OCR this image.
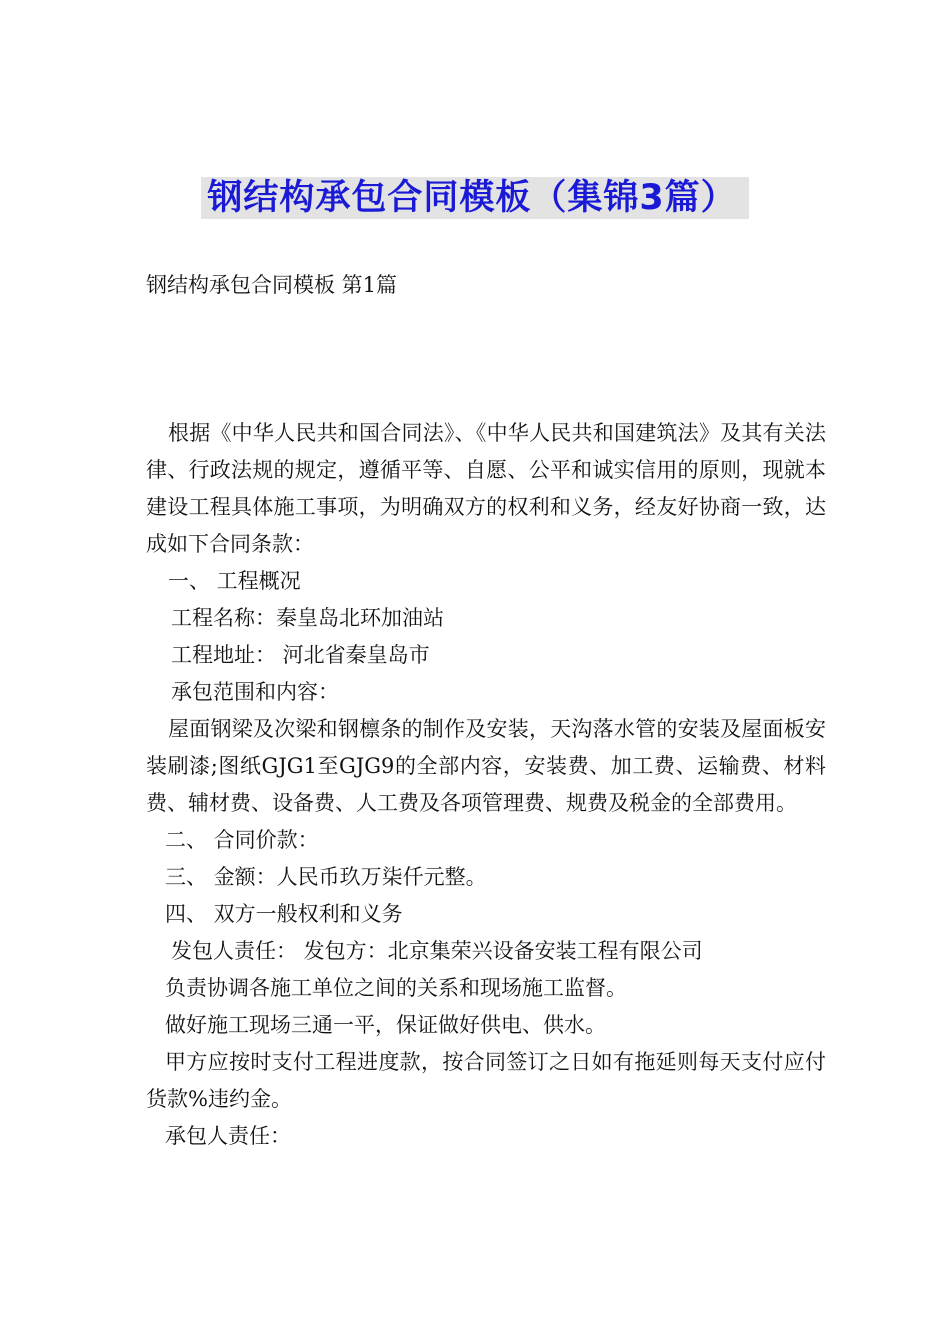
钢结构承包合同模板（集锦3篇）
钢结构承包合同模板 第1篇

根据《中华人民共和国合同法》、《中华人民共和国建筑法》及其有关法律、行政法规的规定，遵循平等、自愿、公平和诚实信用的原则，现就本建设工程具体施工事项，为明确双方的权利和义务，经友好协商一致，达成如下合同条款：

一、 工程概况

工程名称：秦皇岛北环加油站

工程地址： 河北省秦皇岛市

承包范围和内容：

屋面钢梁及次梁和钢檩条的制作及安装，天沟落水管的安装及屋面板安装刷漆;图纸GJG1至GJG9的全部内容，安装费、加工费、运输费、材料费、辅材费、设备费、人工费及各项管理费、规费及税金的全部费用。

二、 合同价款：

三、 金额：人民币玖万柒仟元整。

四、 双方一般权利和义务

发包人责任： 发包方：北京集荣兴设备安装工程有限公司

负责协调各施工单位之间的关系和现场施工监督。

做好施工现场三通一平，保证做好供电、供水。

甲方应按时支付工程进度款，按合同签订之日如有拖延则每天支付应付货款%违约金。

承包人责任：
